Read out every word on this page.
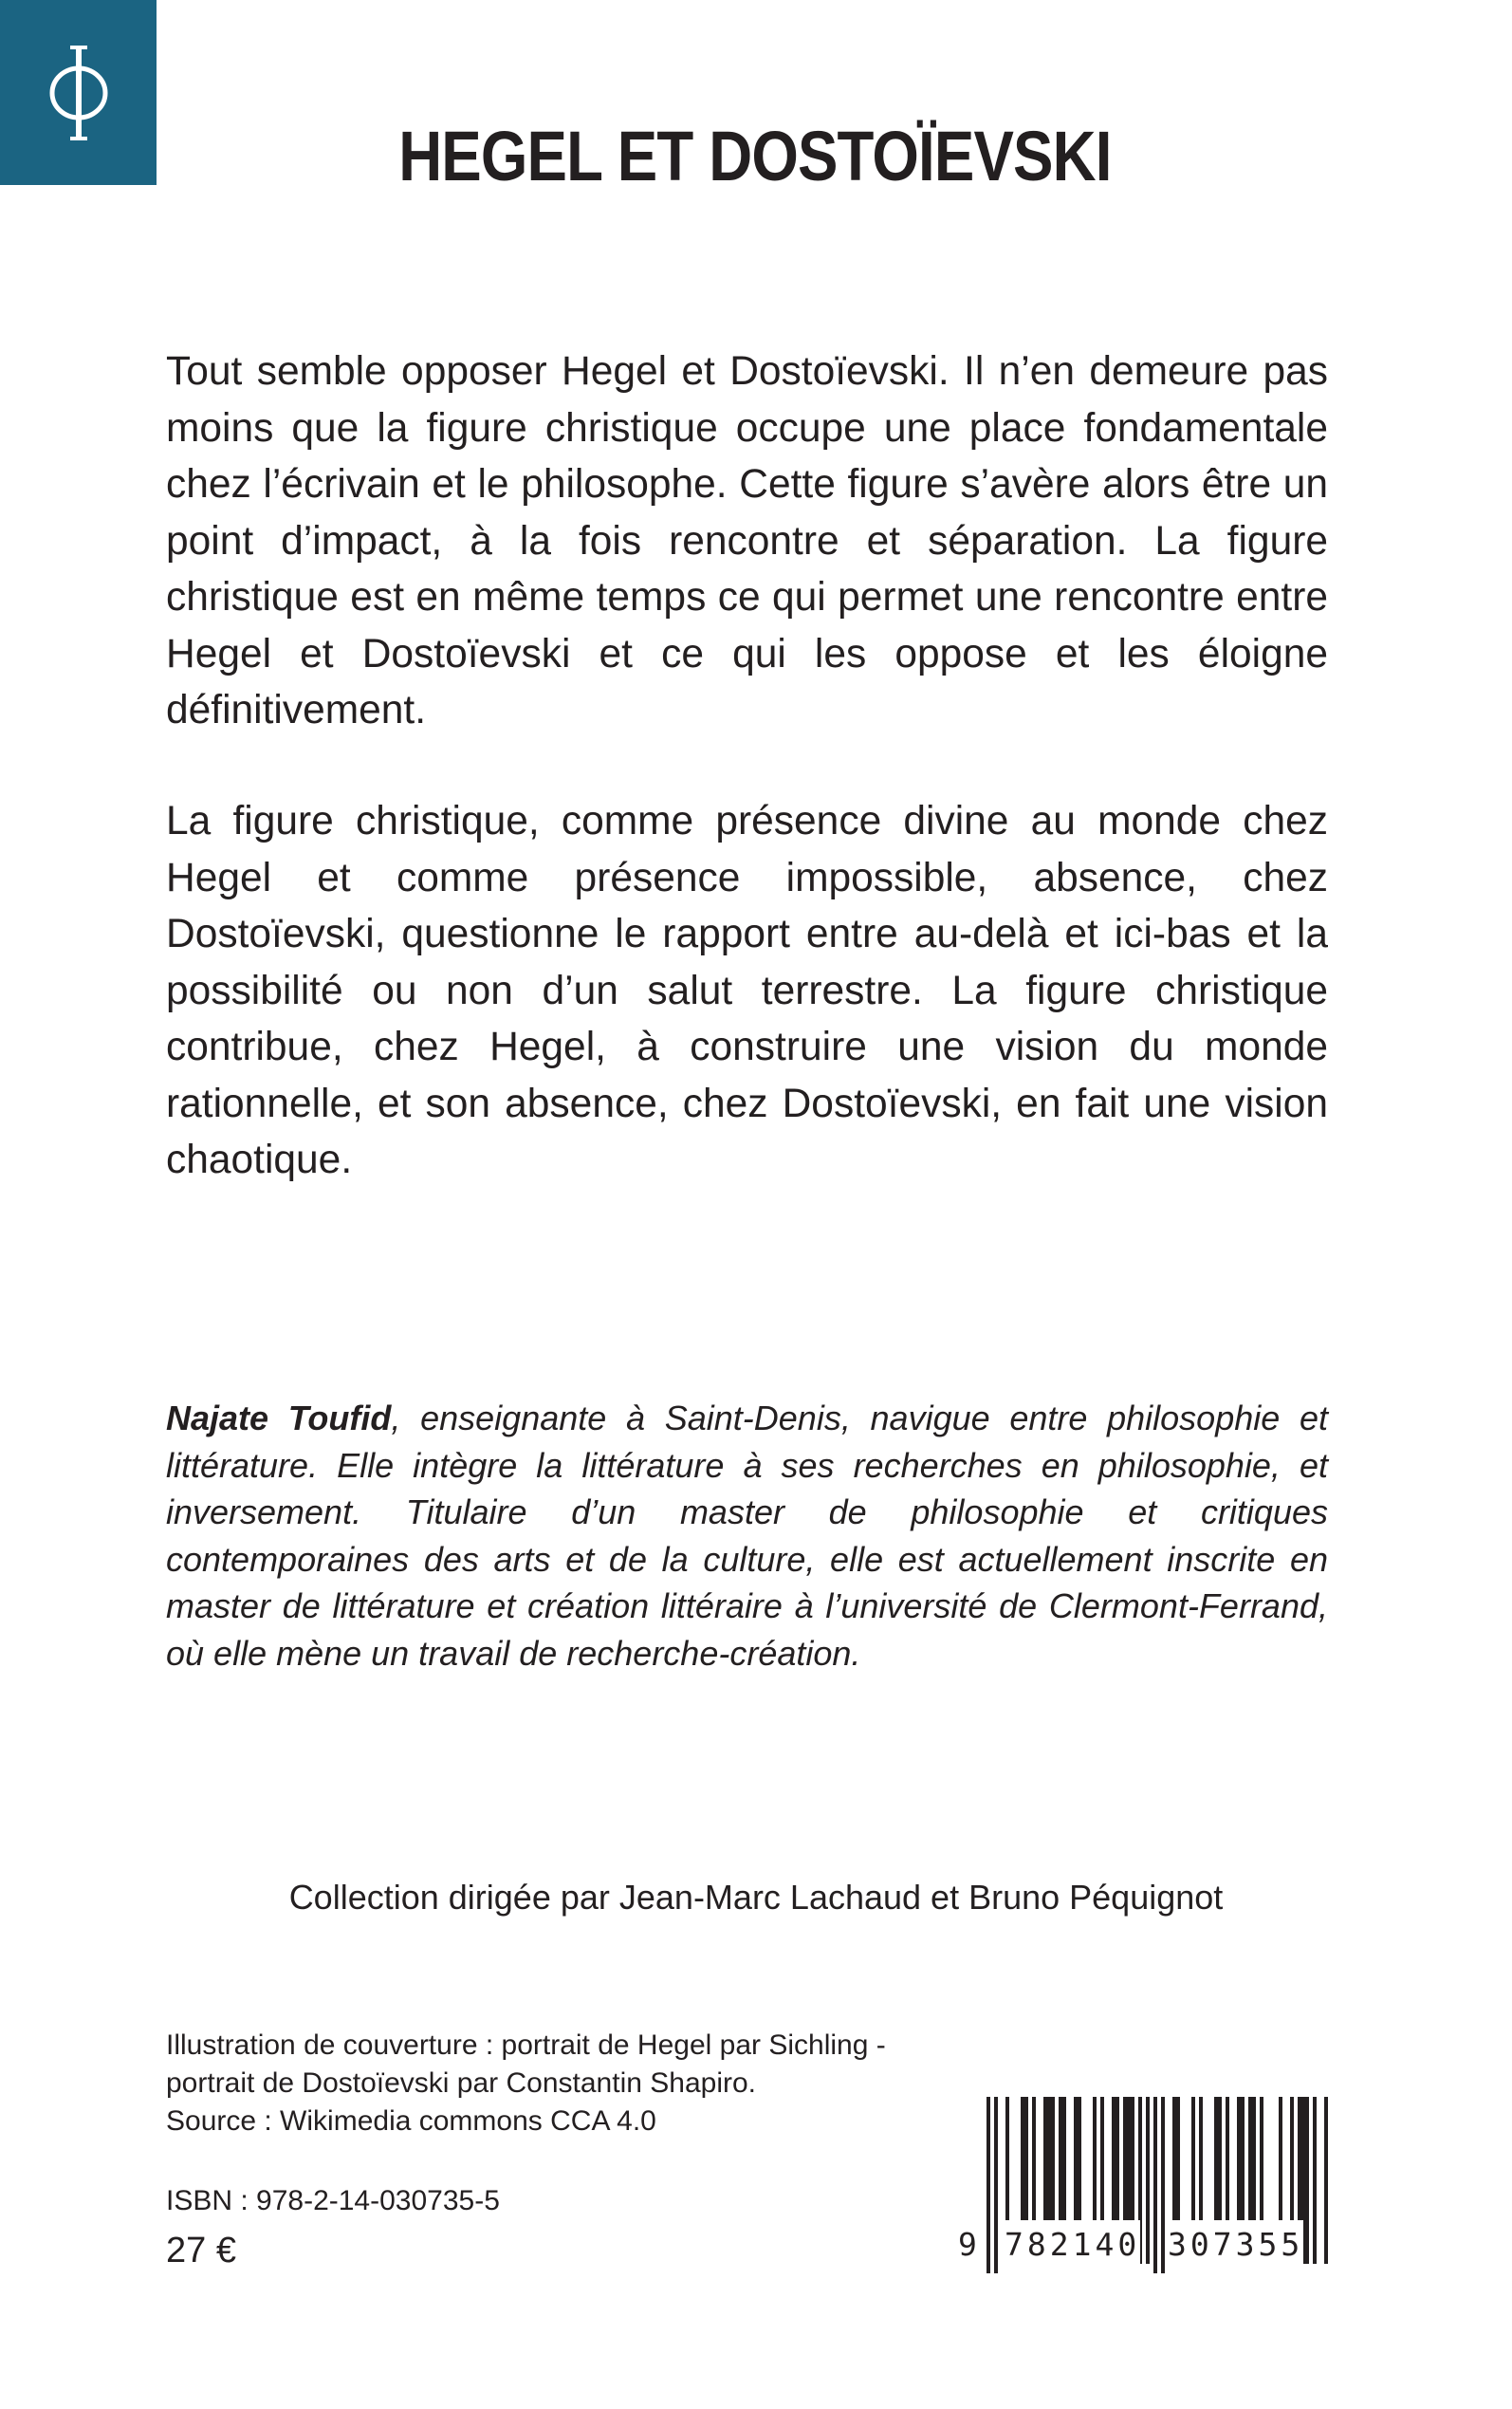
HEGEL ET DOSTOÏEVSKI

Tout semble opposer Hegel et Dostoïevski. Il n’en demeure pas moins que la figure christique occupe une place fondamentale chez l’écrivain et le philosophe. Cette figure s’avère alors être un point d’impact, à la fois rencontre et séparation. La figure christique est en même temps ce qui permet une rencontre entre Hegel et Dostoïevski et ce qui les oppose et les éloigne définitivement.

La figure christique, comme présence divine au monde chez Hegel et comme présence impossible, absence, chez Dostoïevski, questionne le rapport entre au-delà et ici-bas et la possibilité ou non d’un salut terrestre. La figure christique contribue, chez Hegel, à construire une vision du monde rationnelle, et son absence, chez Dostoïevski, en fait une vision chaotique.

Najate Toufid, enseignante à Saint-Denis, navigue entre philosophie et littérature. Elle intègre la littérature à ses recherches en philosophie, et inversement. Titulaire d’un master de philosophie et critiques contemporaines des arts et de la culture, elle est actuellement inscrite en master de littérature et création littéraire à l’université de Clermont-Ferrand, où elle mène un travail de recherche-création.

Collection dirigée par Jean-Marc Lachaud et Bruno Péquignot
Illustration de couverture : portrait de Hegel par Sichling -
portrait de Dostoïevski par Constantin Shapiro.
Source : Wikimedia commons CCA 4.0
ISBN : 978-2-14-030735-5
27 €	9 782140 307355
